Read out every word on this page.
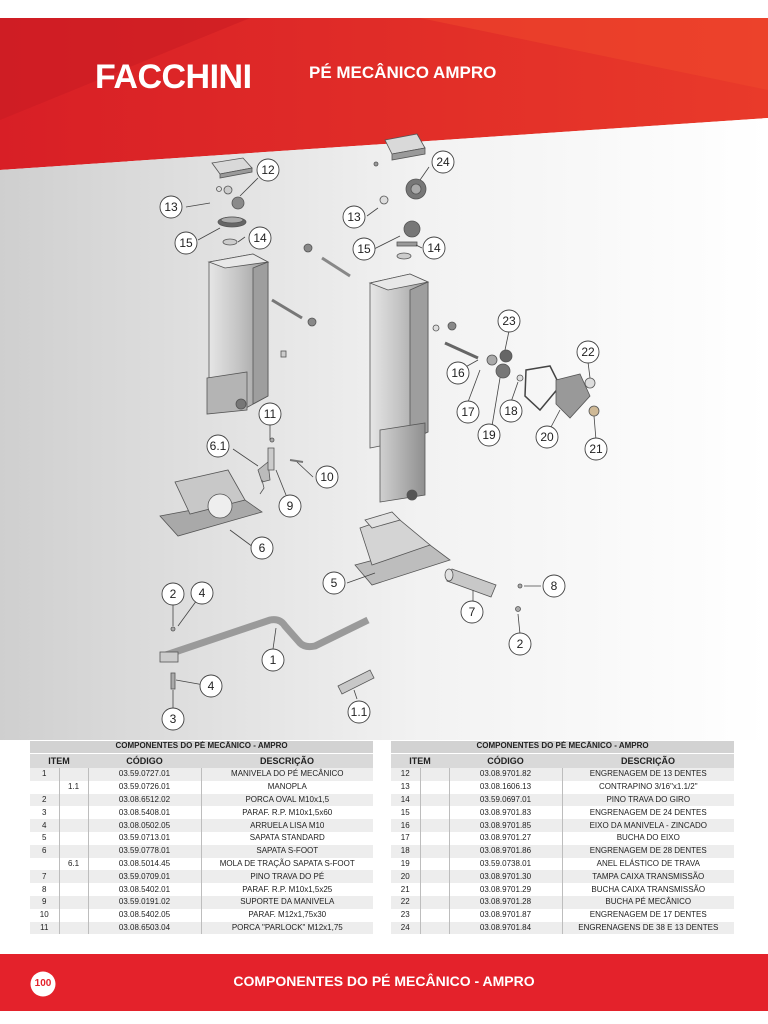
FACCHINI	PÉ MECÂNICO AMPRO
12
13
15	14
24
13
15	14
11
6.1
10
9
6
23
22
16
17
19
18
20
21
5	8
7
2
2 4
1
4
3	1.1
COMPONENTES DO PÉ MECÂNICO - AMPRO			
ITEM		CÓDIGO	DESCRIÇÃO
1		03.59.0727.01	MANIVELA DO PÉ MECÂNICO
	1.1	03.59.0726.01	MANOPLA
2		03.08.6512.02	PORCA OVAL M10x1,5
3		03.08.5408.01	PARAF. R.P. M10x1,5x60
4		03.08.0502.05	ARRUELA LISA M10
5		03.59.0713.01	SAPATA STANDARD
6		03.59.0778.01	SAPATA S-FOOT
	6.1	03.08.5014.45	MOLA DE TRAÇÃO SAPATA S-FOOT
7		03.59.0709.01	PINO TRAVA DO PÉ
8		03.08.5402.01	PARAF. R.P. M10x1,5x25
9		03.59.0191.02	SUPORTE DA MANIVELA
10		03.08.5402.05	PARAF. M12x1,75x30
11		03.08.6503.04	PORCA "PARLOCK" M12x1,75
COMPONENTES DO PÉ MECÂNICO - AMPRO			
ITEM		CÓDIGO	DESCRIÇÃO
12		03.08.9701.82	ENGRENAGEM DE 13 DENTES
13		03.08.1606.13	CONTRAPINO 3/16"x1.1/2"
14		03.59.0697.01	PINO TRAVA DO GIRO
15		03.08.9701.83	ENGRENAGEM DE 24 DENTES
16		03.08.9701.85	EIXO DA MANIVELA - ZINCADO
17		03.08.9701.27	BUCHA DO EIXO
18		03.08.9701.86	ENGRENAGEM DE 28 DENTES
19		03.59.0738.01	ANEL ELÁSTICO DE TRAVA
20		03.08.9701.30	TAMPA CAIXA TRANSMISSÃO
21		03.08.9701.29	BUCHA CAIXA TRANSMISSÃO
22		03.08.9701.28	BUCHA PÉ MECÂNICO
23		03.08.9701.87	ENGRENAGEM DE 17 DENTES
24		03.08.9701.84	ENGRENAGENS DE 38 E 13 DENTES
100	COMPONENTES DO PÉ MECÂNICO - AMPRO
